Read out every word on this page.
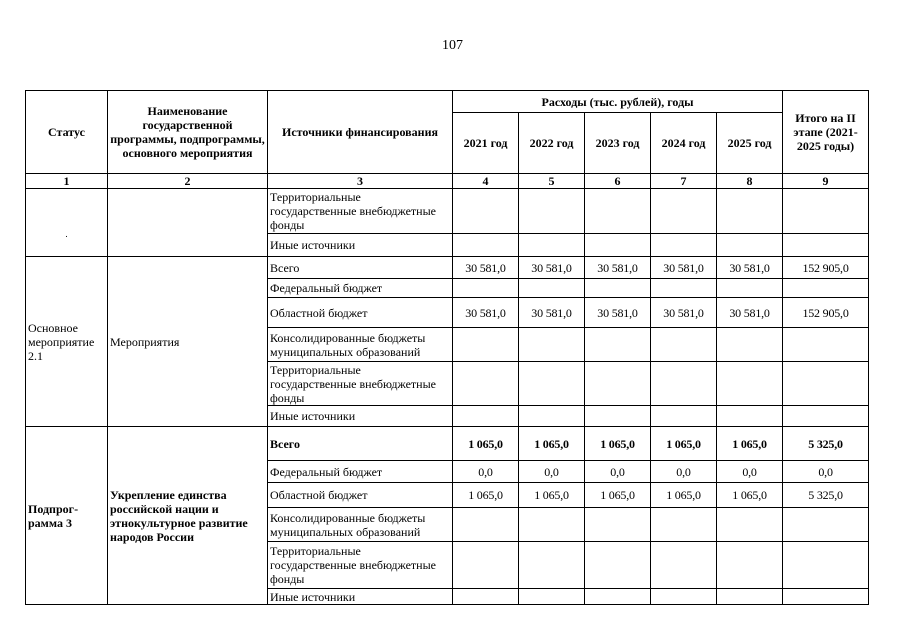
107
Статус	Наименование государственной программы, подпрограммы, основного мероприятия	Источники финансирования	Расходы (тыс. рублей), годы					Итого на II этапе (2021-2025 годы)
			2021 год	2022 год	2023 год	2024 год	2025 год	
1	2	3	4	5	6	7	8	9

.		Территориальные государственные внебюджетные фонды						
		Иные источники						
Основное мероприятие 2.1	Мероприятия	Всего	30 581,0	30 581,0	30 581,0	30 581,0	30 581,0	152 905,0
		Федеральный бюджет						
		Областной бюджет	30 581,0	30 581,0	30 581,0	30 581,0	30 581,0	152 905,0
		Консолидированные бюджеты муниципальных образований						
		Территориальные государственные внебюджетные фонды						
		Иные источники						
Подпрог-рамма 3	Укрепление единства российской нации и этнокультурное развитие народов России	Всего	1 065,0	1 065,0	1 065,0	1 065,0	1 065,0	5 325,0
		Федеральный бюджет	0,0	0,0	0,0	0,0	0,0	0,0
		Областной бюджет	1 065,0	1 065,0	1 065,0	1 065,0	1 065,0	5 325,0
		Консолидированные бюджеты муниципальных образований						
		Территориальные государственные внебюджетные фонды						
		Иные источники						
